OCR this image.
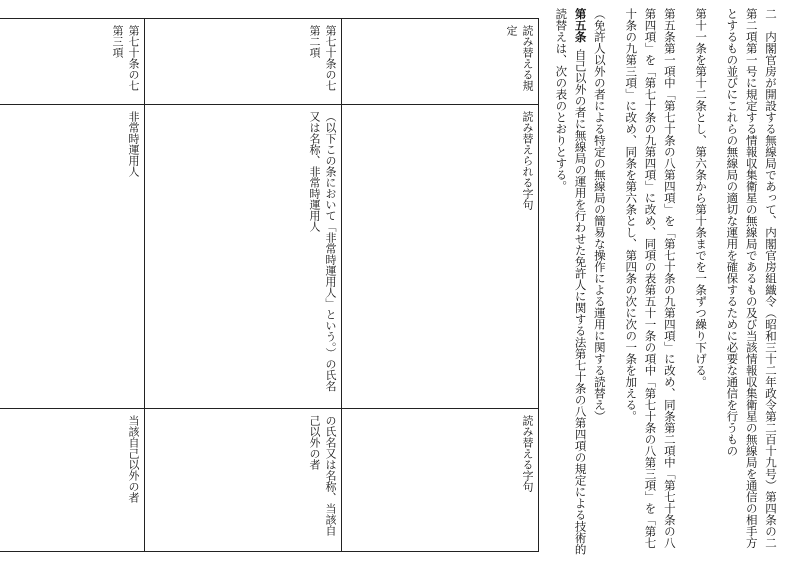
二　内閣官房が開設する無線局であって、内閣官房組織令（昭和三十二年政令第二百十九号）第四条の二第二項第一号に規定する情報収集衛星の無線局であるもの及び当該情報収集衛星の無線局を通信の相手方とするもの並びにこれらの無線局の適切な運用を確保するために必要な通信を行うもの

第十一条を第十二条とし、第六条から第十条までを一条ずつ繰り下げる。

第五条第一項中「第七十条の八第四項」を「第七十条の九第四項」に改め、同条第二項中「第七十条の八第四項」を「第七十条の九第四項」に改め、同項の表第五十一条の項中「第七十条の八第三項」を「第七十条の九第三項」に改め、同条を第六条とし、第四条の次に次の一条を加える。

（免許人以外の者による特定の無線局の簡易な操作による運用に関する読替え）

第五条自己以外の者に無線局の運用を行わせた免許人に関する法第七十条の八第四項の規定による技術的読替えは、次の表のとおりとする。

読み替える規定	読み替えられる字句	読み替える字句
第七十条の七第二項	（以下この条において「非常時運用人」という。）の氏名又は名称、非常時運用人	の氏名又は名称、当該自己以外の者
第七十条の七第三項	非常時運用人	当該自己以外の者
